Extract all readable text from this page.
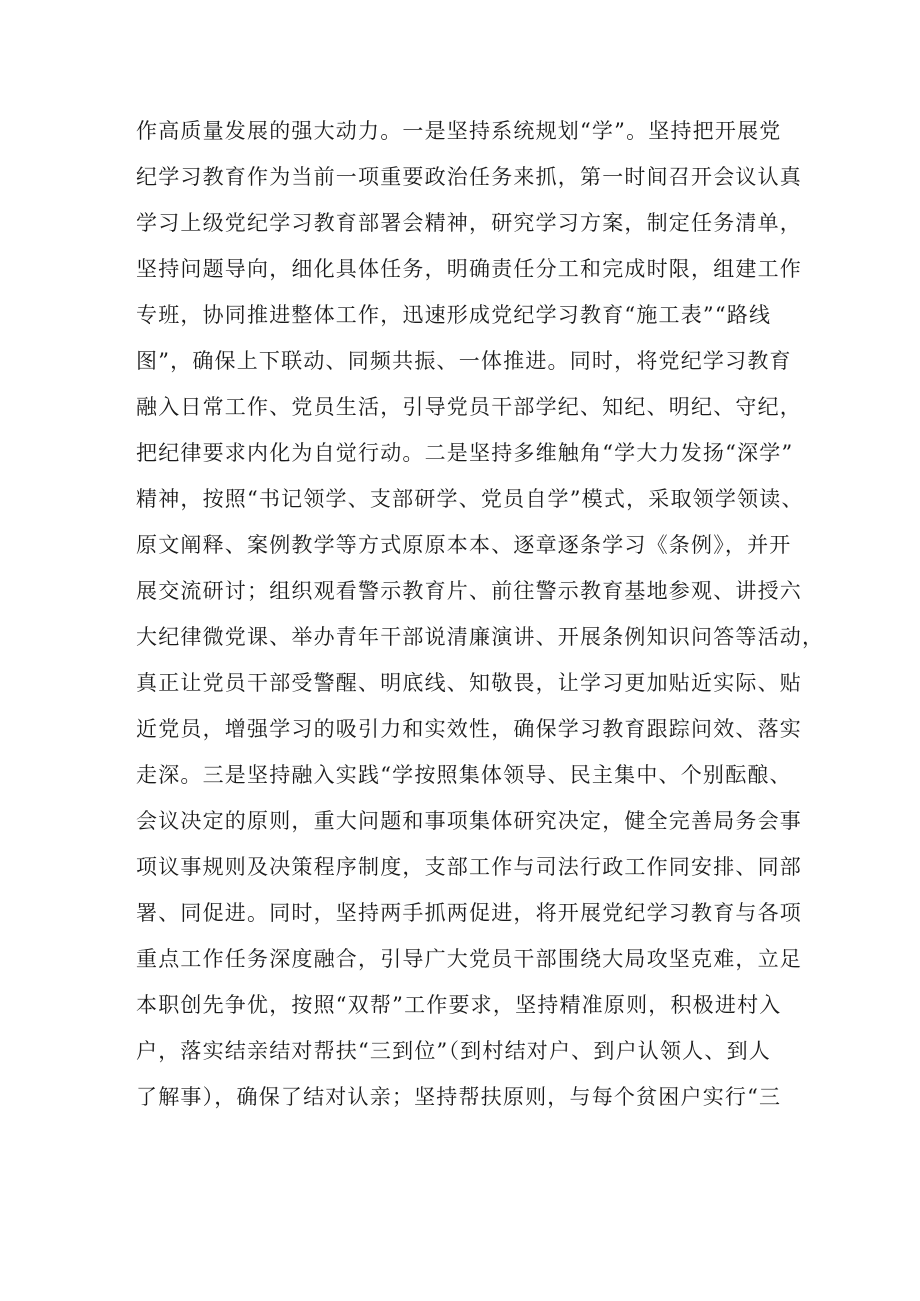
作高质量发展的强大动力。一是坚持系统规划“学”。坚持把开展党
纪学习教育作为当前一项重要政治任务来抓，第一时间召开会议认真
学习上级党纪学习教育部署会精神，研究学习方案，制定任务清单，
坚持问题导向，细化具体任务，明确责任分工和完成时限，组建工作
专班，协同推进整体工作，迅速形成党纪学习教育“施工表”“路线
图”，确保上下联动、同频共振、一体推进。同时，将党纪学习教育
融入日常工作、党员生活，引导党员干部学纪、知纪、明纪、守纪，
把纪律要求内化为自觉行动。二是坚持多维触角“学大力发扬“深学”
精神，按照“书记领学、支部研学、党员自学”模式，采取领学领读、
原文阐释、案例教学等方式原原本本、逐章逐条学习《条例》，并开
展交流研讨；组织观看警示教育片、前往警示教育基地参观、讲授六
大纪律微党课、举办青年干部说清廉演讲、开展条例知识问答等活动，
真正让党员干部受警醒、明底线、知敬畏，让学习更加贴近实际、贴
近党员，增强学习的吸引力和实效性，确保学习教育跟踪问效、落实
走深。三是坚持融入实践“学按照集体领导、民主集中、个别酝酿、
会议决定的原则，重大问题和事项集体研究决定，健全完善局务会事
项议事规则及决策程序制度，支部工作与司法行政工作同安排、同部
署、同促进。同时，坚持两手抓两促进，将开展党纪学习教育与各项
重点工作任务深度融合，引导广大党员干部围绕大局攻坚克难，立足
本职创先争优，按照“双帮”工作要求，坚持精准原则，积极进村入
户，落实结亲结对帮扶“三到位”（到村结对户、到户认领人、到人
了解事），确保了结对认亲；坚持帮扶原则，与每个贫困户实行“三
